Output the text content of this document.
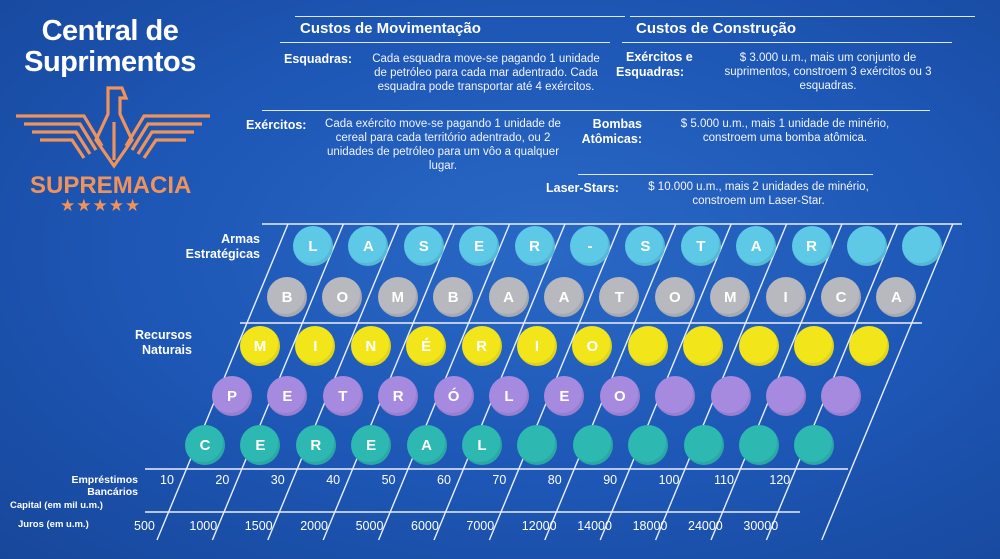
Central de
Suprimentos
SUPREMACIA
★★★★★
Custos de Movimentação
Esquadras:	Cada esquadra move-se pagando 1 unidade de petróleo para cada mar adentrado. Cada esquadra pode transportar até 4 exércitos.
Exércitos:	Cada exército move-se pagando 1 unidade de cereal para cada território adentrado, ou 2 unidades de petróleo para um vôo a qualquer lugar.
Custos de Construção
Exércitos e
Esquadras:
$ 3.000 u.m., mais um conjunto de suprimentos, constroem 3 exércitos ou 3 esquadras.
Bombas
Atômicas:
$ 5.000 u.m., mais 1 unidade de minério, constroem uma bomba atômica.
Laser-Stars:	$ 10.000 u.m., mais 2 unidades de minério, constroem um Laser-Star.
Armas
Estratégicas
Recursos
Naturais
L	A	S	E	R	-	S	T	A	R
B	O	M	B	A	A	T	O	M	I	C	A
M	I	N	É	R	I	O
P	E	T	R	Ó	L	E	O
C	E	R	E	A	L
Empréstimos
Bancários
Capital (em mil u.m.)
10	20	30	40	50	60	70	80	90	100	110	120
Juros (em u.m.)	500	1000 1500 2000 5000 6000 7000 12000 14000 18000 24000 30000
